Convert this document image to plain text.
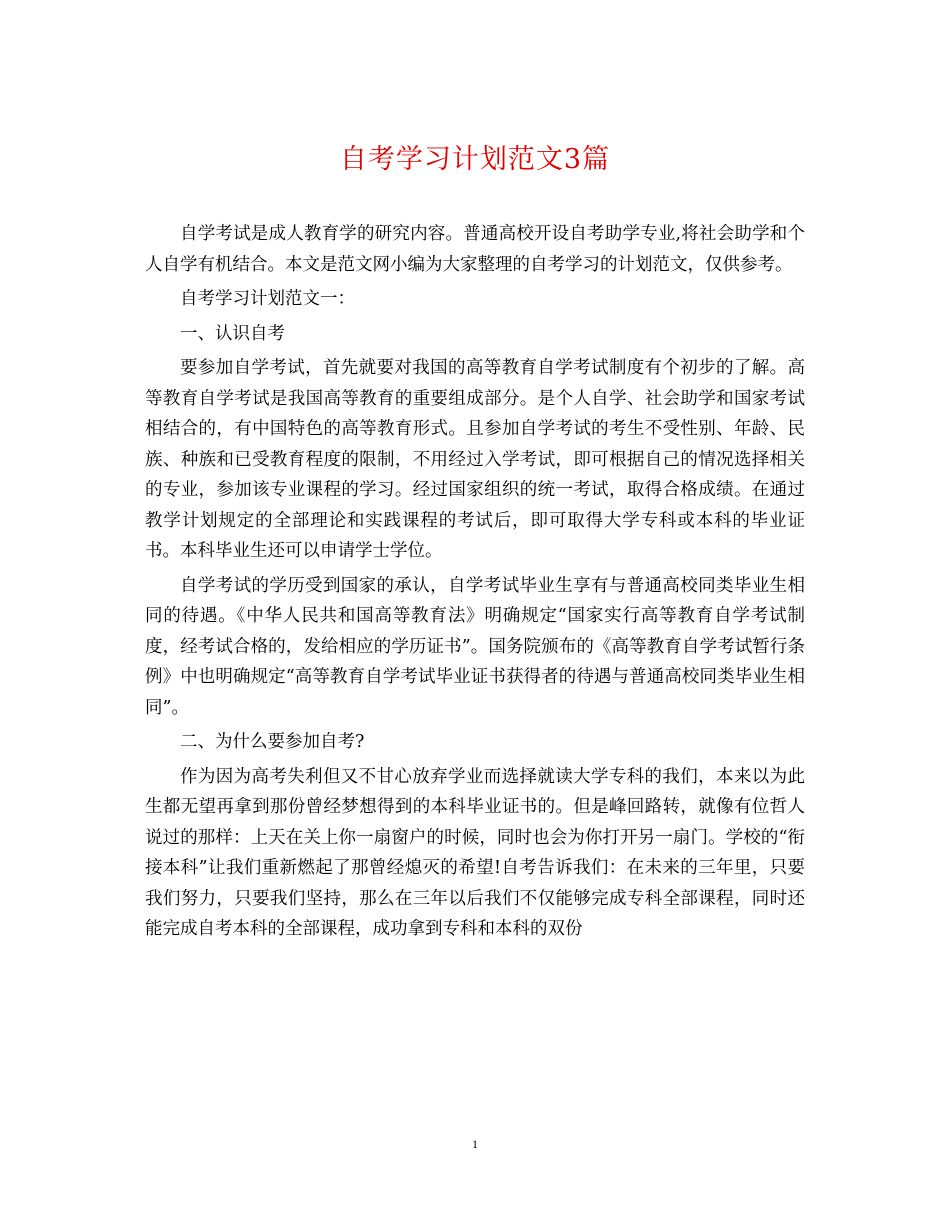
自考学习计划范文3篇

自学考试是成人教育学的研究内容。普通高校开设自考助学专业,将社会助学和个人自学有机结合。本文是范文网小编为大家整理的自考学习的计划范文，仅供参考。

自考学习计划范文一：

一、认识自考

要参加自学考试，首先就要对我国的高等教育自学考试制度有个初步的了解。高等教育自学考试是我国高等教育的重要组成部分。是个人自学、社会助学和国家考试相结合的，有中国特色的高等教育形式。且参加自学考试的考生不受性别、年龄、民族、种族和已受教育程度的限制，不用经过入学考试，即可根据自己的情况选择相关的专业，参加该专业课程的学习。经过国家组织的统一考试，取得合格成绩。在通过教学计划规定的全部理论和实践课程的考试后，即可取得大学专科或本科的毕业证书。本科毕业生还可以申请学士学位。

自学考试的学历受到国家的承认，自学考试毕业生享有与普通高校同类毕业生相同的待遇。《中华人民共和国高等教育法》明确规定“国家实行高等教育自学考试制度，经考试合格的，发给相应的学历证书”。国务院颁布的《高等教育自学考试暂行条例》中也明确规定“高等教育自学考试毕业证书获得者的待遇与普通高校同类毕业生相同”。

二、为什么要参加自考?

作为因为高考失利但又不甘心放弃学业而选择就读大学专科的我们，本来以为此生都无望再拿到那份曾经梦想得到的本科毕业证书的。但是峰回路转，就像有位哲人说过的那样：上天在关上你一扇窗户的时候，同时也会为你打开另一扇门。学校的“衔接本科”让我们重新燃起了那曾经熄灭的希望!自考告诉我们：在未来的三年里，只要我们努力，只要我们坚持，那么在三年以后我们不仅能够完成专科全部课程，同时还能完成自考本科的全部课程，成功拿到专科和本科的双份

1
